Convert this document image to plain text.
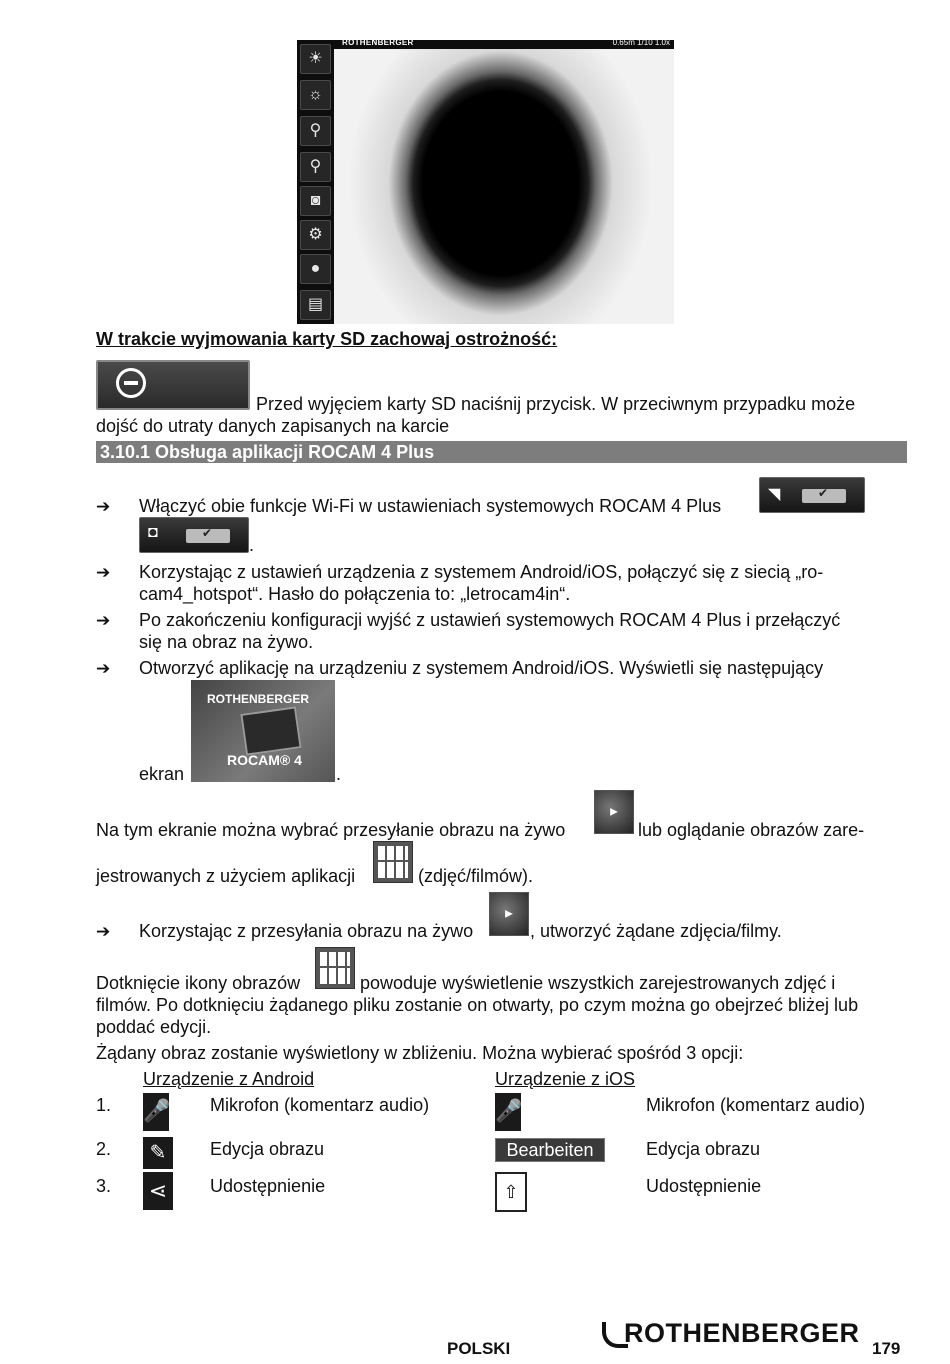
☀
☼
⚲
⚲
◙
⚙
●
▤
ROTHENBERGER	0.65m 1/10 1.0x
W trakcie wyjmowania karty SD zachowaj ostrożność:
Przed wyjęciem karty SD naciśnij przycisk. W przeciwnym przypadku może
dojść do utraty danych zapisanych na karcie
3.10.1 Obsługa aplikacji ROCAM 4 Plus
➔
Włączyć obie funkcje Wi-Fi w ustawieniach systemowych ROCAM 4 Plus
◥
✔
◘
✔
.
➔
Korzystając z ustawień urządzenia z systemem Android/iOS, połączyć się z siecią „ro-
cam4_hotspot“. Hasło do połączenia to: „letrocam4in“.
➔
Po zakończeniu konfiguracji wyjść z ustawień systemowych ROCAM 4 Plus i przełączyć
się na obraz na żywo.
➔
Otworzyć aplikację na urządzeniu z systemem Android/iOS. Wyświetli się następujący
ekran
ROTHENBERGER
ROCAM® 4
.
Na tym ekranie można wybrać przesyłanie obrazu na żywo ▶	lub oglądanie obrazów zare-
jestrowanych z użyciem aplikacji	(zdjęć/filmów).
➔
Korzystając z przesyłania obrazu na żywo ▶	, utworzyć żądane zdjęcia/filmy.
Dotknięcie ikony obrazów	powoduje wyświetlenie wszystkich zarejestrowanych zdjęć i
filmów. Po dotknięciu żądanego pliku zostanie on otwarty, po czym można go obejrzeć bliżej lub
poddać edycji.
Żądany obraz zostanie wyświetlony w zbliżeniu. Można wybierać spośród 3 opcji:
Urządzenie z Android	Urządzenie z iOS
1. 🎤 Mikrofon (komentarz audio)	🎤	Mikrofon (komentarz audio)
2.	✎	Edycja obrazu	Bearbeiten	Edycja obrazu
3. ⋖	Udostępnienie	⇧	Udostępnienie
POLSKI
ROTHENBERGER
179
